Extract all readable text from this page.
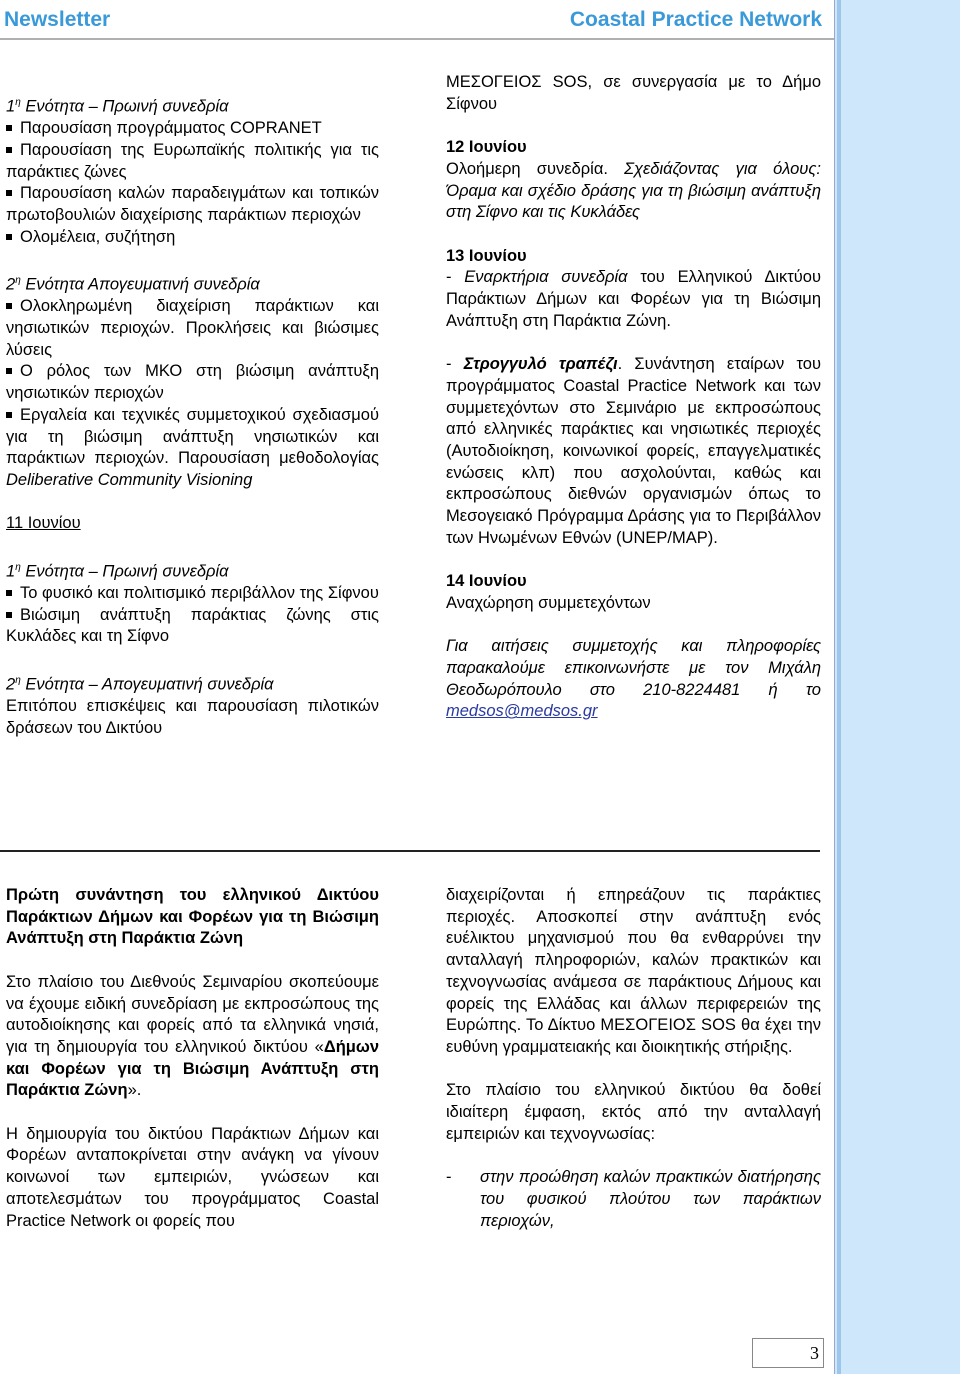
Newsletter	Coastal Practice Network

$1^\eta$ Ενότητα – Πρωινή συνεδρία

Παρουσίαση προγράμματος COPRANET

Παρουσίαση της Ευρωπαϊκής πολιτικής για τις παράκτιες ζώνες

Παρουσίαση καλών παραδειγμάτων και τοπικών πρωτοβουλιών διαχείρισης παράκτιων περιοχών

Ολομέλεια, συζήτηση

$2^\eta$ Ενότητα Απογευματινή συνεδρία

Ολοκληρωμένη διαχείριση παράκτιων και νησιωτικών περιοχών. Προκλήσεις και βιώσιμες λύσεις

Ο ρόλος των ΜΚΟ στη βιώσιμη ανάπτυξη νησιωτικών περιοχών

Εργαλεία και τεχνικές συμμετοχικού σχεδιασμού για τη βιώσιμη ανάπτυξη νησιωτικών και παράκτιων περιοχών. Παρουσίαση μεθοδολογίας Deliberative Community Visioning

11 Ιουνίου

$1^\eta$ Ενότητα – Πρωινή συνεδρία

Το φυσικό και πολιτισμικό περιβάλλον της Σίφνου

Βιώσιμη ανάπτυξη παράκτιας ζώνης στις Κυκλάδες και τη Σίφνο

$2^\eta$ Ενότητα – Απογευματινή συνεδρία

Επιτόπου επισκέψεις και παρουσίαση πιλοτικών δράσεων του Δικτύου

ΜΕΣΟΓΕΙΟΣ SOS, σε συνεργασία με το Δήμο Σίφνου

12 Ιουνίου

Ολοήμερη συνεδρία. Σχεδιάζοντας για όλους: Όραμα και σχέδιο δράσης για τη βιώσιμη ανάπτυξη στη Σίφνο και τις Κυκλάδες

13 Ιουνίου

- Εναρκτήρια συνεδρία του Ελληνικού Δικτύου Παράκτιων Δήμων και Φορέων για τη Βιώσιμη Ανάπτυξη στη Παράκτια Ζώνη.

- Στρογγυλό τραπέζι. Συνάντηση εταίρων του προγράμματος Coastal Practice Network και των συμμετεχόντων στο Σεμινάριο με εκπροσώπους από ελληνικές παράκτιες και νησιωτικές περιοχές (Αυτοδιοίκηση, κοινωνικοί φορείς, επαγγελματικές ενώσεις κλπ) που ασχολούνται, καθώς και εκπροσώπους διεθνών οργανισμών όπως το Μεσογειακό Πρόγραμμα Δράσης για το Περιβάλλον των Ηνωμένων Εθνών (UNEP/MAP).

14 Ιουνίου

Αναχώρηση συμμετεχόντων

Για αιτήσεις συμμετοχής και πληροφορίες παρακαλούμε επικοινωνήστε με τον Μιχάλη Θεοδωρόπουλο στο 210-8224481 ή το medsos@medsos.gr

Πρώτη συνάντηση του ελληνικού Δικτύου Παράκτιων Δήμων και Φορέων για τη Βιώσιμη Ανάπτυξη στη Παράκτια Ζώνη

Στο πλαίσιο του Διεθνούς Σεμιναρίου σκοπεύουμε να έχουμε ειδική συνεδρίαση με εκπροσώπους της αυτοδιοίκησης και φορείς από τα ελληνικά νησιά, για τη δημιουργία του ελληνικού δικτύου «Δήμων και Φορέων για τη Βιώσιμη Ανάπτυξη στη Παράκτια Ζώνη».

Η δημιουργία του δικτύου Παράκτιων Δήμων και Φορέων ανταποκρίνεται στην ανάγκη να γίνουν κοινωνοί των εμπειριών, γνώσεων και αποτελεσμάτων του προγράμματος Coastal Practice Network οι φορείς που

διαχειρίζονται ή επηρεάζουν τις παράκτιες περιοχές. Αποσκοπεί στην ανάπτυξη ενός ευέλικτου μηχανισμού που θα ενθαρρύνει την ανταλλαγή πληροφοριών, καλών πρακτικών και τεχνογνωσίας ανάμεσα σε παράκτιους Δήμους και φορείς της Ελλάδας και άλλων περιφερειών της Ευρώπης. Το Δίκτυο ΜΕΣΟΓΕΙΟΣ SOS θα έχει την ευθύνη γραμματειακής και διοικητικής στήριξης.

Στο πλαίσιο του ελληνικού δικτύου θα δοθεί ιδιαίτερη έμφαση, εκτός από την ανταλλαγή εμπειριών και τεχνογνωσίας:

- στην προώθηση καλών πρακτικών διατήρησης του φυσικού πλούτου των παράκτιων περιοχών,

3
